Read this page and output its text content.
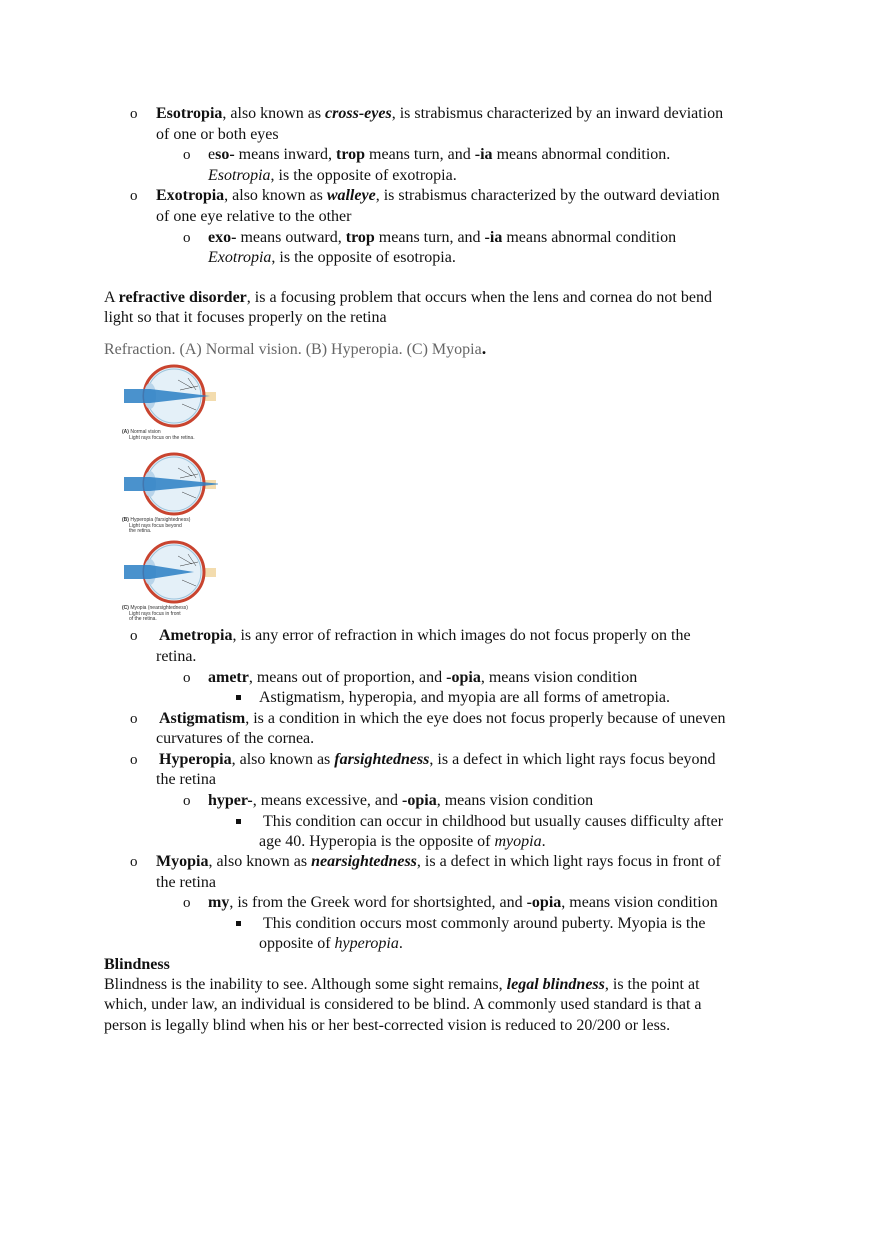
Refraction. (A) Normal vision. (B) Hyperopia. (C) Myopia.
(A) Normal vision
Light rays focus on the retina.
(B) Hyperopia (farsightedness)
Light rays focus beyond
the retina.
(C) Myopia (nearsightedness)
Light rays focus in front
of the retina.
o Esotropia, also known as cross-eyes, is strabismus characterized by an inward deviation
of one or both eyes
o eso- means inward, trop means turn, and -ia means abnormal condition.
Esotropia, is the opposite of exotropia.
o Exotropia, also known as walleye, is strabismus characterized by the outward deviation
of one eye relative to the other
o exo- means outward, trop means turn, and -ia means abnormal condition
Exotropia, is the opposite of esotropia.
A refractive disorder, is a focusing problem that occurs when the lens and cornea do not bend
light so that it focuses properly on the retina
o Ametropia, is any error of refraction in which images do not focus properly on the
retina.
o ametr, means out of proportion, and -opia, means vision condition
Astigmatism, hyperopia, and myopia are all forms of ametropia.
o Astigmatism, is a condition in which the eye does not focus properly because of uneven
curvatures of the cornea.
o Hyperopia, also known as farsightedness, is a defect in which light rays focus beyond
the retina
o hyper-, means excessive, and -opia, means vision condition
This condition can occur in childhood but usually causes difficulty after
age 40. Hyperopia is the opposite of myopia.
o Myopia, also known as nearsightedness, is a defect in which light rays focus in front of
the retina
o my, is from the Greek word for shortsighted, and -opia, means vision condition
This condition occurs most commonly around puberty. Myopia is the
opposite of hyperopia.
Blindness
Blindness is the inability to see. Although some sight remains, legal blindness, is the point at
which, under law, an individual is considered to be blind. A commonly used standard is that a
person is legally blind when his or her best-corrected vision is reduced to 20/200 or less.
